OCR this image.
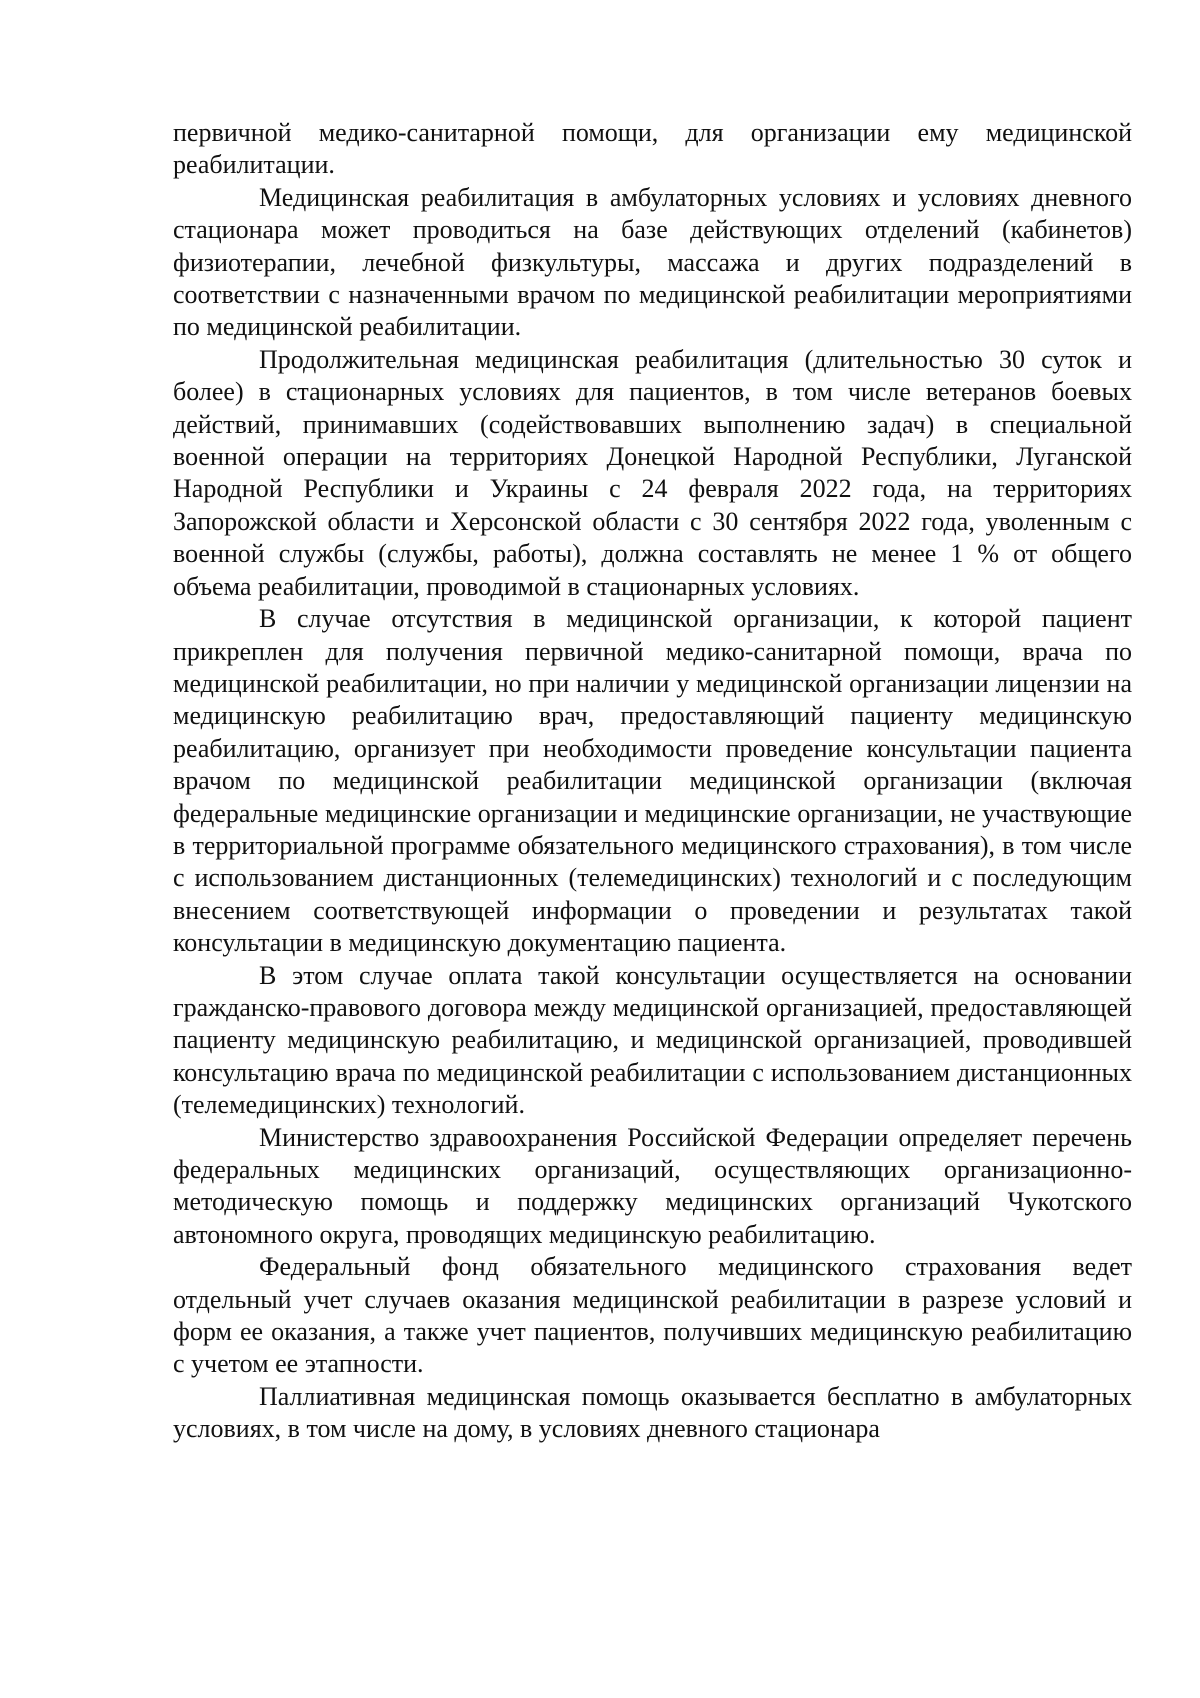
первичной медико-санитарной помощи, для организации ему медицинской реабилитации.

Медицинская реабилитация в амбулаторных условиях и условиях дневного стационара может проводиться на базе действующих отделений (кабинетов) физиотерапии, лечебной физкультуры, массажа и других подразделений в соответствии с назначенными врачом по медицинской реабилитации мероприятиями по медицинской реабилитации.

Продолжительная медицинская реабилитация (длительностью 30 суток и более) в стационарных условиях для пациентов, в том числе ветеранов боевых действий, принимавших (содействовавших выполнению задач) в специальной военной операции на территориях Донецкой Народной Республики, Луганской Народной Республики и Украины с 24 февраля 2022 года, на территориях Запорожской области и Херсонской области с 30 сентября 2022 года, уволенным с военной службы (службы, работы), должна составлять не менее 1 % от общего объема реабилитации, проводимой в стационарных условиях.

В случае отсутствия в медицинской организации, к которой пациент прикреплен для получения первичной медико-санитарной помощи, врача по медицинской реабилитации, но при наличии у медицинской организации лицензии на медицинскую реабилитацию врач, предоставляющий пациенту медицинскую реабилитацию, организует при необходимости проведение консультации пациента врачом по медицинской реабилитации медицинской организации (включая федеральные медицинские организации и медицинские организации, не участвующие в территориальной программе обязательного медицинского страхования), в том числе с использованием дистанционных (телемедицинских) технологий и с последующим внесением соответствующей информации о проведении и результатах такой консультации в медицинскую документацию пациента.

В этом случае оплата такой консультации осуществляется на основании гражданско-правового договора между медицинской организацией, предоставляющей пациенту медицинскую реабилитацию, и медицинской организацией, проводившей консультацию врача по медицинской реабилитации с использованием дистанционных (телемедицинских) технологий.

Министерство здравоохранения Российской Федерации определяет перечень федеральных медицинских организаций, осуществляющих организационно-методическую помощь и поддержку медицинских организаций Чукотского автономного округа, проводящих медицинскую реабилитацию.

Федеральный фонд обязательного медицинского страхования ведет отдельный учет случаев оказания медицинской реабилитации в разрезе условий и форм ее оказания, а также учет пациентов, получивших медицинскую реабилитацию с учетом ее этапности.

Паллиативная медицинская помощь оказывается бесплатно в амбулаторных условиях, в том числе на дому, в условиях дневного стационара
